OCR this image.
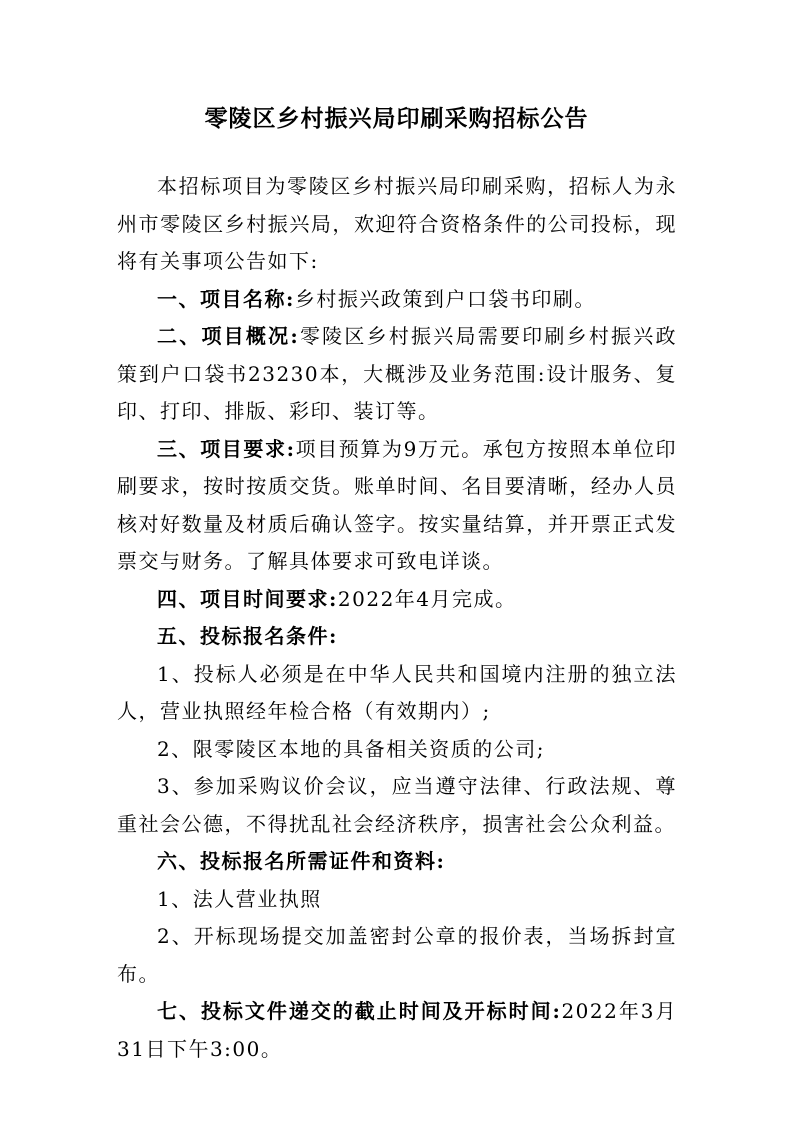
零陵区乡村振兴局印刷采购招标公告

本招标项目为零陵区乡村振兴局印刷采购，招标人为永州市零陵区乡村振兴局，欢迎符合资格条件的公司投标，现将有关事项公告如下:

一、项目名称:乡村振兴政策到户口袋书印刷。

二、项目概况:零陵区乡村振兴局需要印刷乡村振兴政策到户口袋书23230本，大概涉及业务范围:设计服务、复印、打印、排版、彩印、装订等。

三、项目要求:项目预算为9万元。承包方按照本单位印刷要求，按时按质交货。账单时间、名目要清晰，经办人员核对好数量及材质后确认签字。按实量结算，并开票正式发票交与财务。了解具体要求可致电详谈。

四、项目时间要求:2022年4月完成。

五、投标报名条件:

1、投标人必须是在中华人民共和国境内注册的独立法人，营业执照经年检合格（有效期内）;

2、限零陵区本地的具备相关资质的公司;

3、参加采购议价会议，应当遵守法律、行政法规、尊重社会公德，不得扰乱社会经济秩序，损害社会公众利益。

六、投标报名所需证件和资料:

1、法人营业执照

2、开标现场提交加盖密封公章的报价表，当场拆封宣布。

七、投标文件递交的截止时间及开标时间:2022年3月31日下午3:00。
